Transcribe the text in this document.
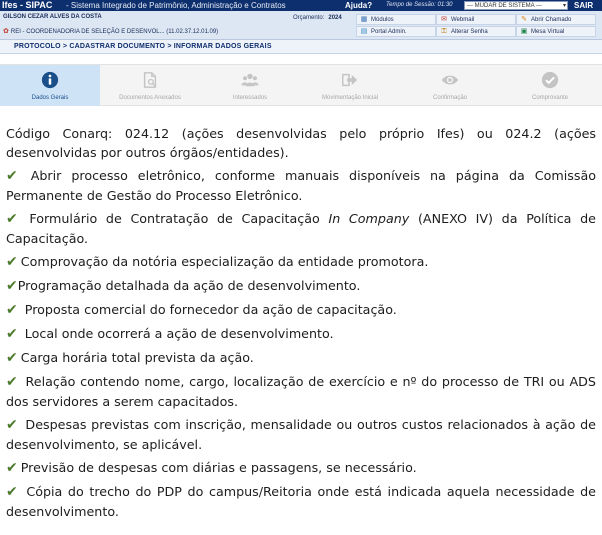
Ifes - SIPAC - Sistema Integrado de Patrimônio, Administração e Contratos	Ajuda? Tempo de Sessão: 01:30	--- MUDAR DE SISTEMA ---	▾ SAIR
GILSON CEZAR ALVES DA COSTA
✿ REI - COORDENADORIA DE SELEÇÃO E DESENVOL... (11.02.37.12.01.09)
Orçamento: 2024	▦ Módulos	✉ Webmail	✎ Abrir Chamado
▤ Portal Admin.	⚿ Alterar Senha	▣ Mesa Virtual
PROTOCOLO > CADASTRAR DOCUMENTO > INFORMAR DADOS GERAIS
Dados Gerais	Documentos Anexados	Interessados	Movimentação Inicial	Confirmação	Comprovante

Código Conarq: 024.12 (ações desenvolvidas pelo próprio Ifes) ou 024.2 (ações desenvolvidas por outros órgãos/entidades).

✔ Abrir processo eletrônico, conforme manuais disponíveis na página da Comissão Permanente de Gestão do Processo Eletrônico.

✔ Formulário de Contratação de Capacitação In Company (ANEXO IV) da Política de Capacitação.

✔ Comprovação da notória especialização da entidade promotora.

✔Programação detalhada da ação de desenvolvimento.

✔ Proposta comercial do fornecedor da ação de capacitação.

✔ Local onde ocorrerá a ação de desenvolvimento.

✔ Carga horária total prevista da ação.

✔ Relação contendo nome, cargo, localização de exercício e nº do processo de TRI ou ADS dos servidores a serem capacitados.

✔ Despesas previstas com inscrição, mensalidade ou outros custos relacionados à ação de desenvolvimento, se aplicável.

✔ Previsão de despesas com diárias e passagens, se necessário.

✔ Cópia do trecho do PDP do campus/Reitoria onde está indicada aquela necessidade de desenvolvimento.
